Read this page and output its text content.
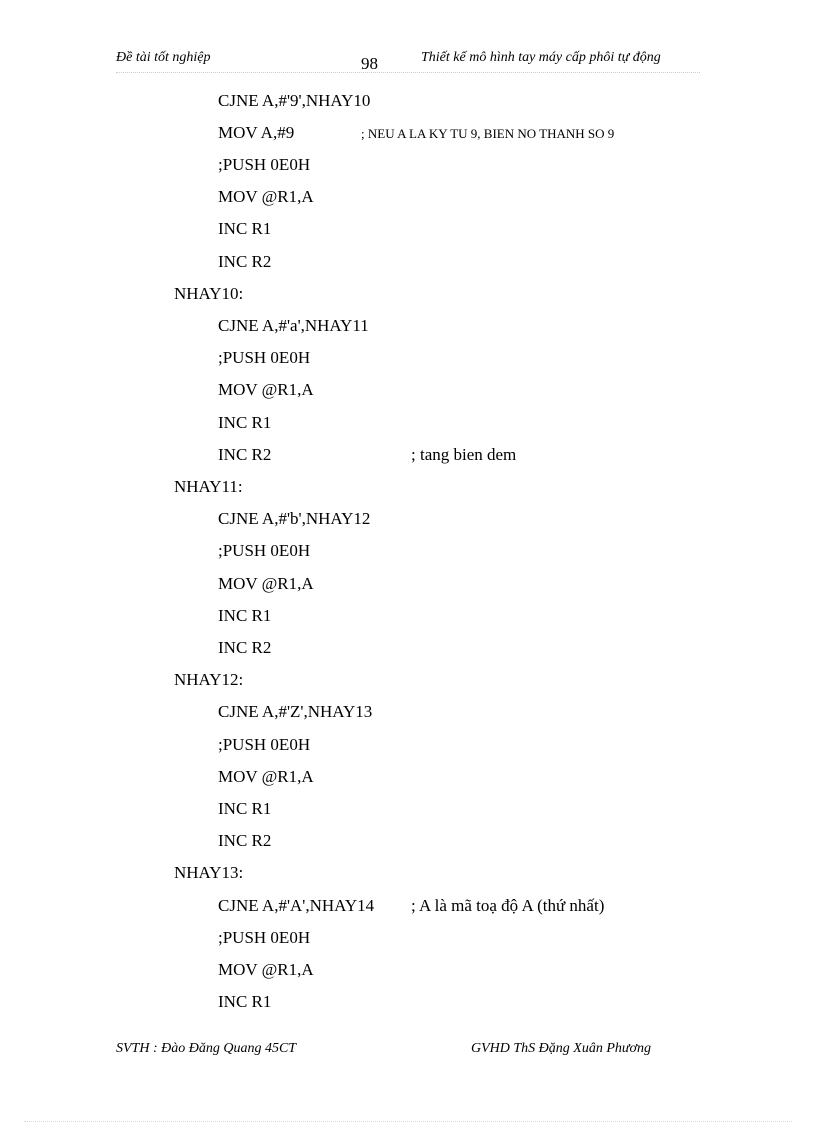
Đề tài tốt nghiệp	98	Thiết kế mô hình tay máy cấp phôi tự động
CJNE A,#'9',NHAY10
MOV A,#9	; NEU A LA KY TU 9, BIEN NO THANH SO 9
;PUSH 0E0H
MOV @R1,A
INC R1
INC R2
NHAY10:
CJNE A,#'a',NHAY11
;PUSH 0E0H
MOV @R1,A
INC R1
INC R2	; tang bien dem
NHAY11:
CJNE A,#'b',NHAY12
;PUSH 0E0H
MOV @R1,A
INC R1
INC R2
NHAY12:
CJNE A,#'Z',NHAY13
;PUSH 0E0H
MOV @R1,A
INC R1
INC R2
NHAY13:
CJNE A,#'A',NHAY14 ; A là mã toạ độ A (thứ nhất)
;PUSH 0E0H
MOV @R1,A
INC R1
SVTH : Đào Đăng Quang 45CT	GVHD ThS Đặng Xuân Phương
